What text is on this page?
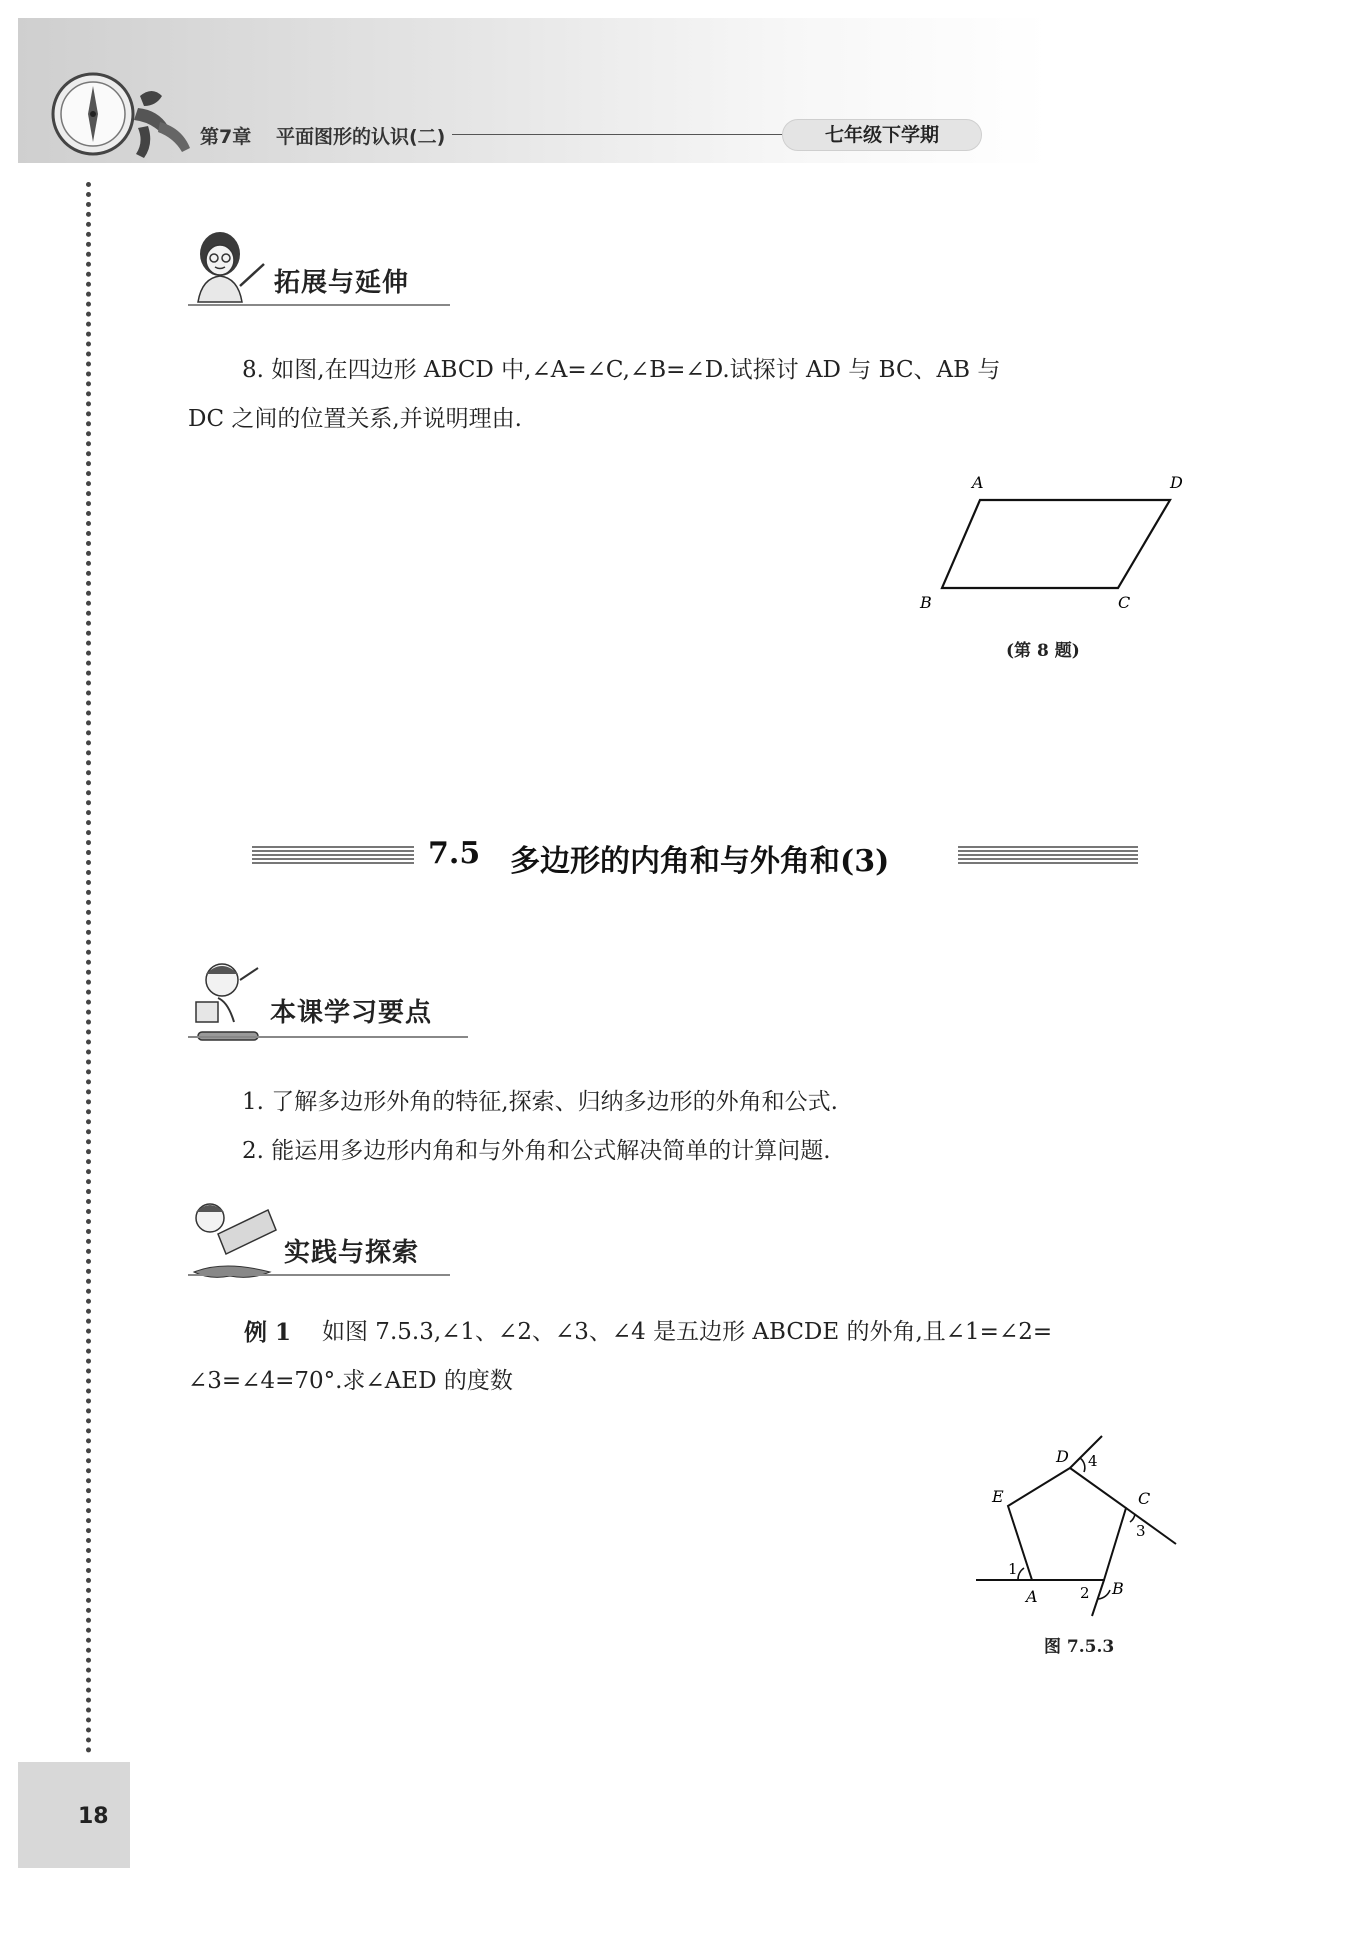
第7章 平面图形的认识(二)	七年级下学期
拓展与延伸
8. 如图,在四边形 ABCD 中,∠A=∠C,∠B=∠D.试探讨 AD 与 BC、AB 与
DC 之间的位置关系,并说明理由.
A	D
B	C
(第 8 题)
7.5 多边形的内角和与外角和(3)
本课学习要点
1. 了解多边形外角的特征,探索、归纳多边形的外角和公式.
2. 能运用多边形内角和与外角和公式解决简单的计算问题.
实践与探索
例 1 如图 7.5.3,∠1、∠2、∠3、∠4 是五边形 ABCDE 的外角,且∠1=∠2=
∠3=∠4=70°.求∠AED 的度数
A	B
C
D
E
1
2
3
4
图 7.5.3
18
